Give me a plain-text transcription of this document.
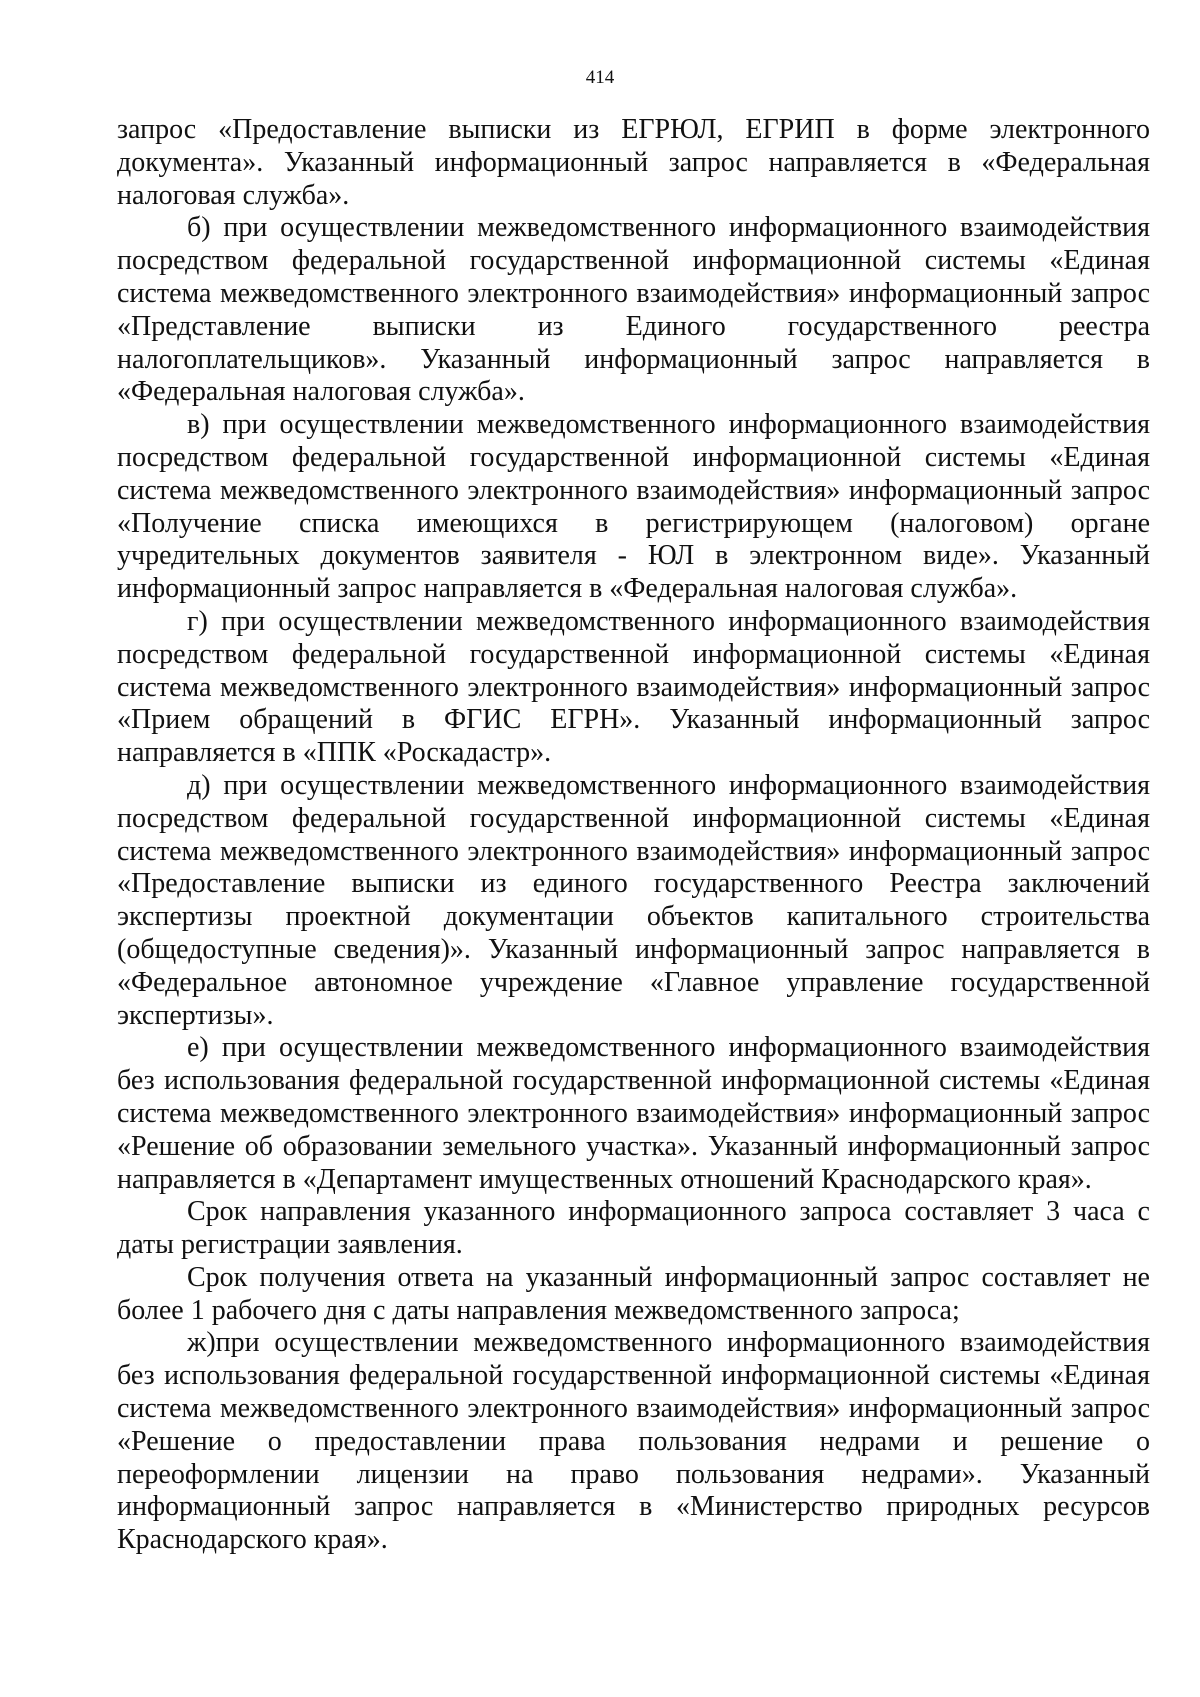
414

запрос «Предоставление выписки из ЕГРЮЛ, ЕГРИП в форме электронного документа». Указанный информационный запрос направляется в «Федеральная налоговая служба».

б) при осуществлении межведомственного информационного взаимодействия посредством федеральной государственной информационной системы «Единая система межведомственного электронного взаимодействия» информационный запрос «Представление выписки из Единого государственного реестра налогоплательщиков». Указанный информационный запрос направляется в «Федеральная налоговая служба».

в) при осуществлении межведомственного информационного взаимодействия посредством федеральной государственной информационной системы «Единая система межведомственного электронного взаимодействия» информационный запрос «Получение списка имеющихся в регистрирующем (налоговом) органе учредительных документов заявителя - ЮЛ в электронном виде». Указанный информационный запрос направляется в «Федеральная налоговая служба».

г) при осуществлении межведомственного информационного взаимодействия посредством федеральной государственной информационной системы «Единая система межведомственного электронного взаимодействия» информационный запрос «Прием обращений в ФГИС ЕГРН». Указанный информационный запрос направляется в «ППК «Роскадастр».

д) при осуществлении межведомственного информационного взаимодействия посредством федеральной государственной информационной системы «Единая система межведомственного электронного взаимодействия» информационный запрос «Предоставление выписки из единого государственного Реестра заключений экспертизы проектной документации объектов капитального строительства (общедоступные сведения)». Указанный информационный запрос направляется в «Федеральное автономное учреждение «Главное управление государственной экспертизы».

е) при осуществлении межведомственного информационного взаимодействия без использования федеральной государственной информационной системы «Единая система межведомственного электронного взаимодействия» информационный запрос «Решение об образовании земельного участка». Указанный информационный запрос направляется в «Департамент имущественных отношений Краснодарского края».

Срок направления указанного информационного запроса составляет 3 часа с даты регистрации заявления.

Срок получения ответа на указанный информационный запрос составляет не более 1 рабочего дня с даты направления межведомственного запроса;

ж)при осуществлении межведомственного информационного взаимодействия без использования федеральной государственной информационной системы «Единая система межведомственного электронного взаимодействия» информационный запрос «Решение о предоставлении права пользования недрами и решение о переоформлении лицензии на право пользования недрами». Указанный информационный запрос направляется в «Министерство природных ресурсов Краснодарского края».
